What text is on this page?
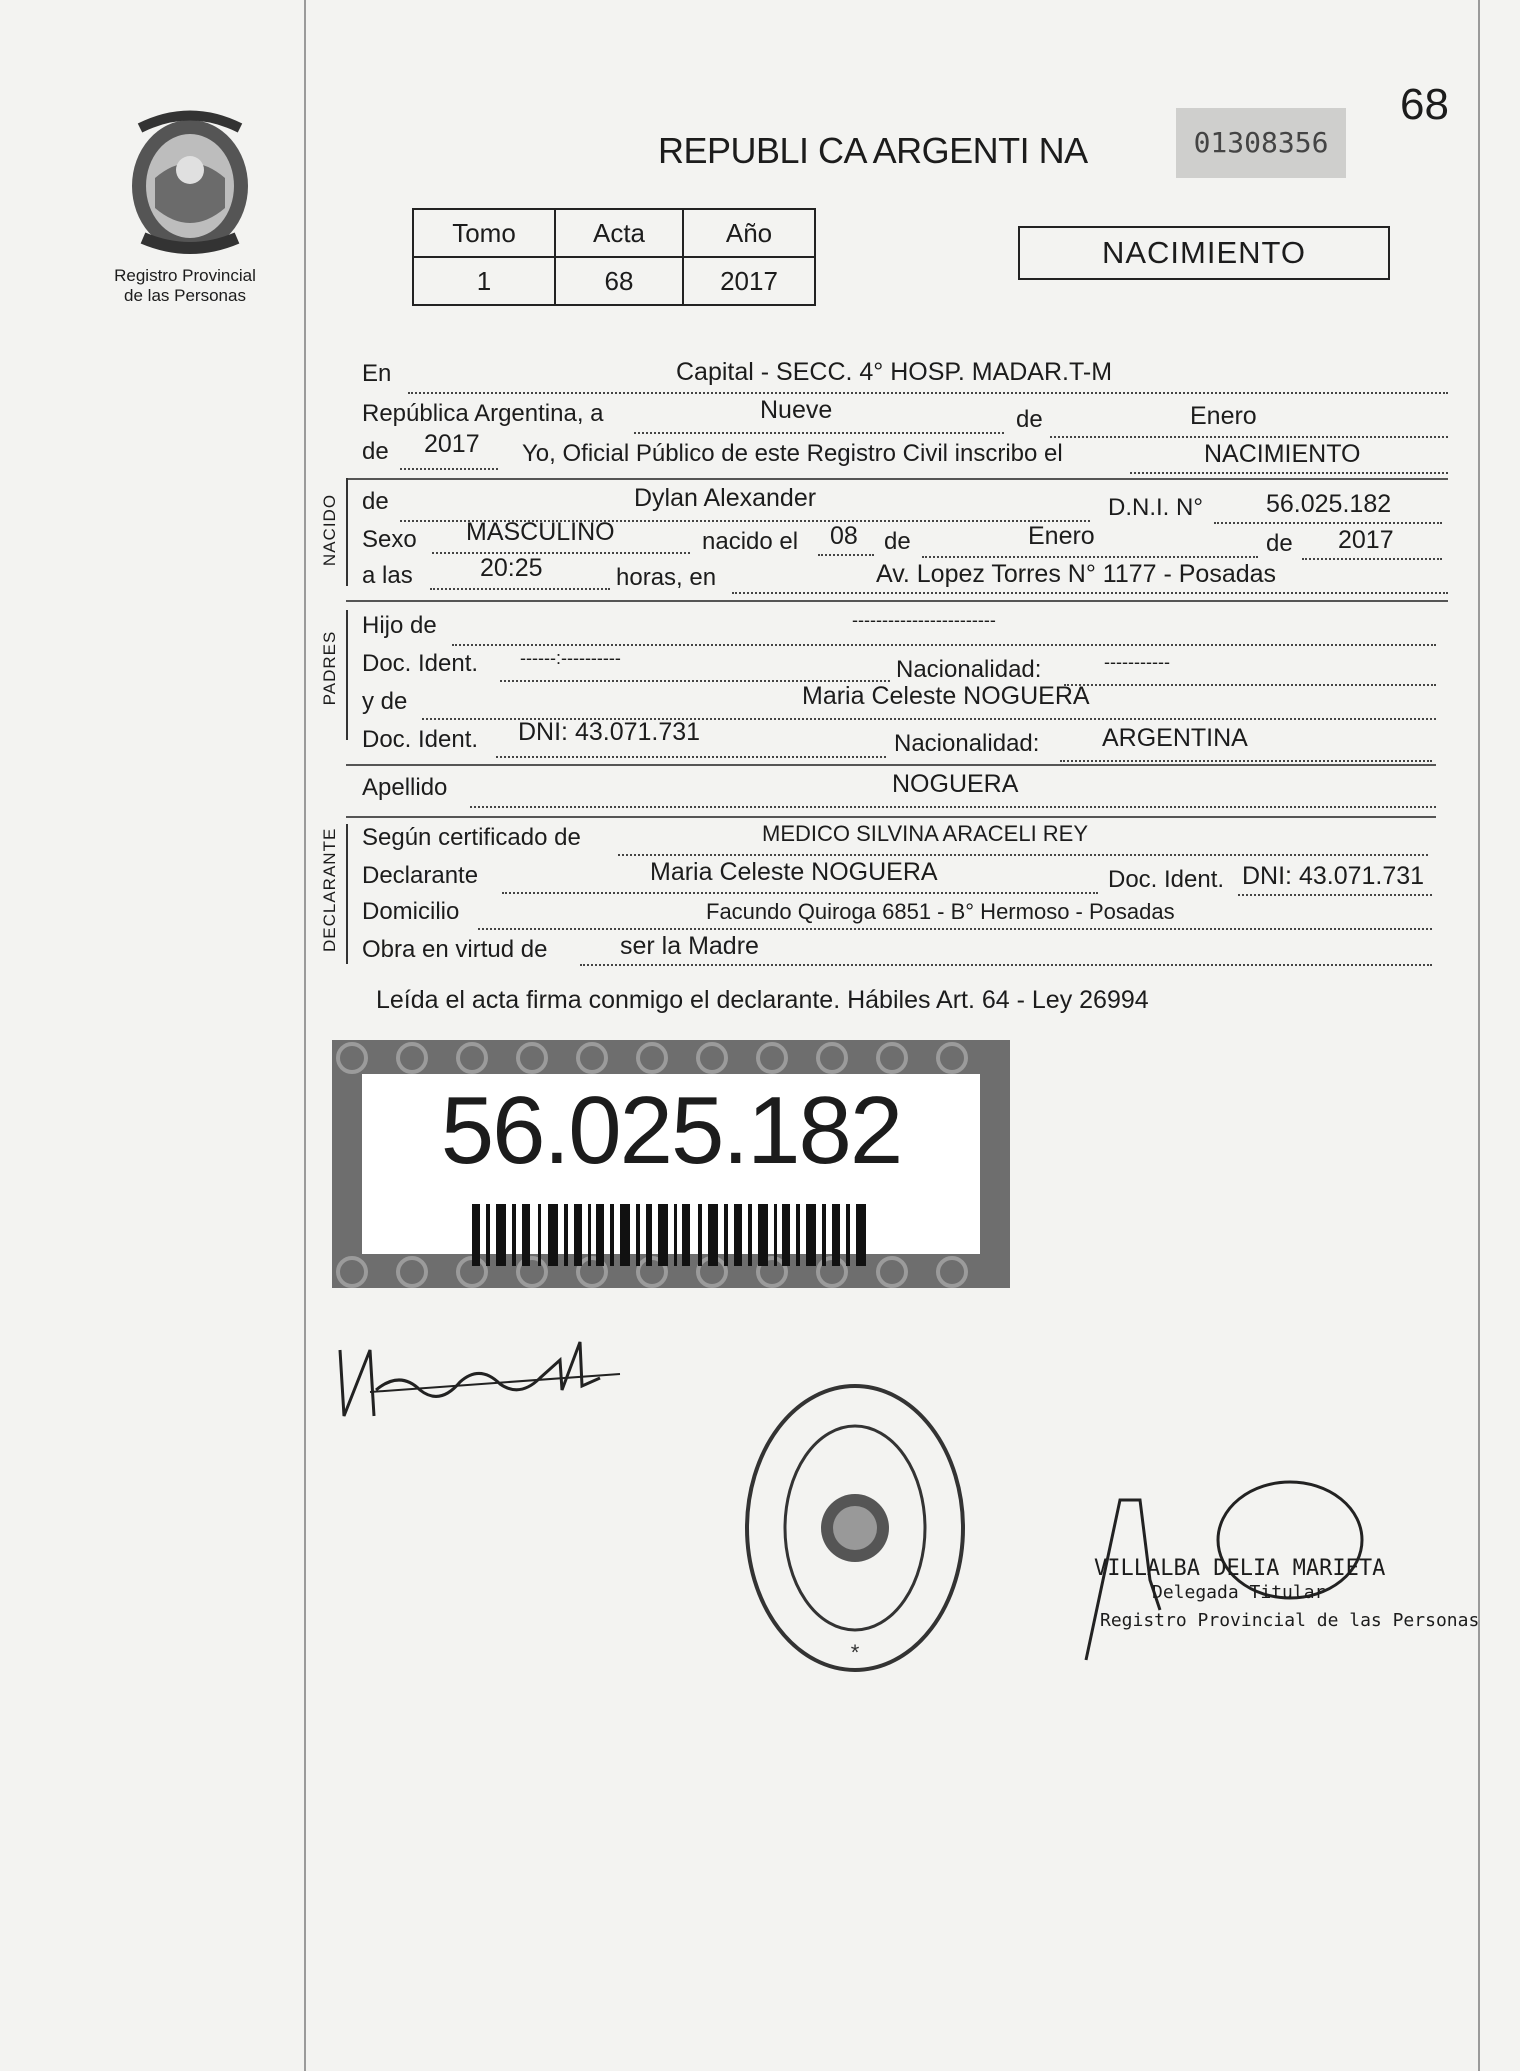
Registro Provincial
de las Personas
REPUBLI CA ARGENTI NA	01308356
68
Tomo	Acta	Año
1	68	2017
NACIMIENTO
En	Capital - SECC. 4° HOSP. MADAR.T-M
República Argentina, a	Nueve	de	Enero
de 2017 Yo, Oficial Público de este Registro Civil inscribo el	NACIMIENTO
NACIDO de	Dylan Alexander	D.N.I. N°	56.025.182
Sexo MASCULINO	nacido el 08 de	Enero	de 2017
a las	20:25	horas, en	Av. Lopez Torres N° 1177 - Posadas
PADRES
Hijo de	------------------------
Doc. Ident. ------:----------	Nacionalidad:	-----------
y de	Maria Celeste NOGUERA
Doc. Ident. DNI: 43.071.731	Nacionalidad:	ARGENTINA
Apellido	NOGUERA
DECLARANTE Según certificado de	MEDICO SILVINA ARACELI REY
Declarante	Maria Celeste NOGUERA	Doc. Ident. DNI: 43.071.731
Domicilio	Facundo Quiroga 6851 - B° Hermoso - Posadas
Obra en virtud de	ser la Madre
Leída el acta firma conmigo el declarante. Hábiles Art. 64 - Ley 26994
56.025.182
*
VILLALBA DELIA MARIETA
Delegada Titular
Registro Provincial de las Personas
